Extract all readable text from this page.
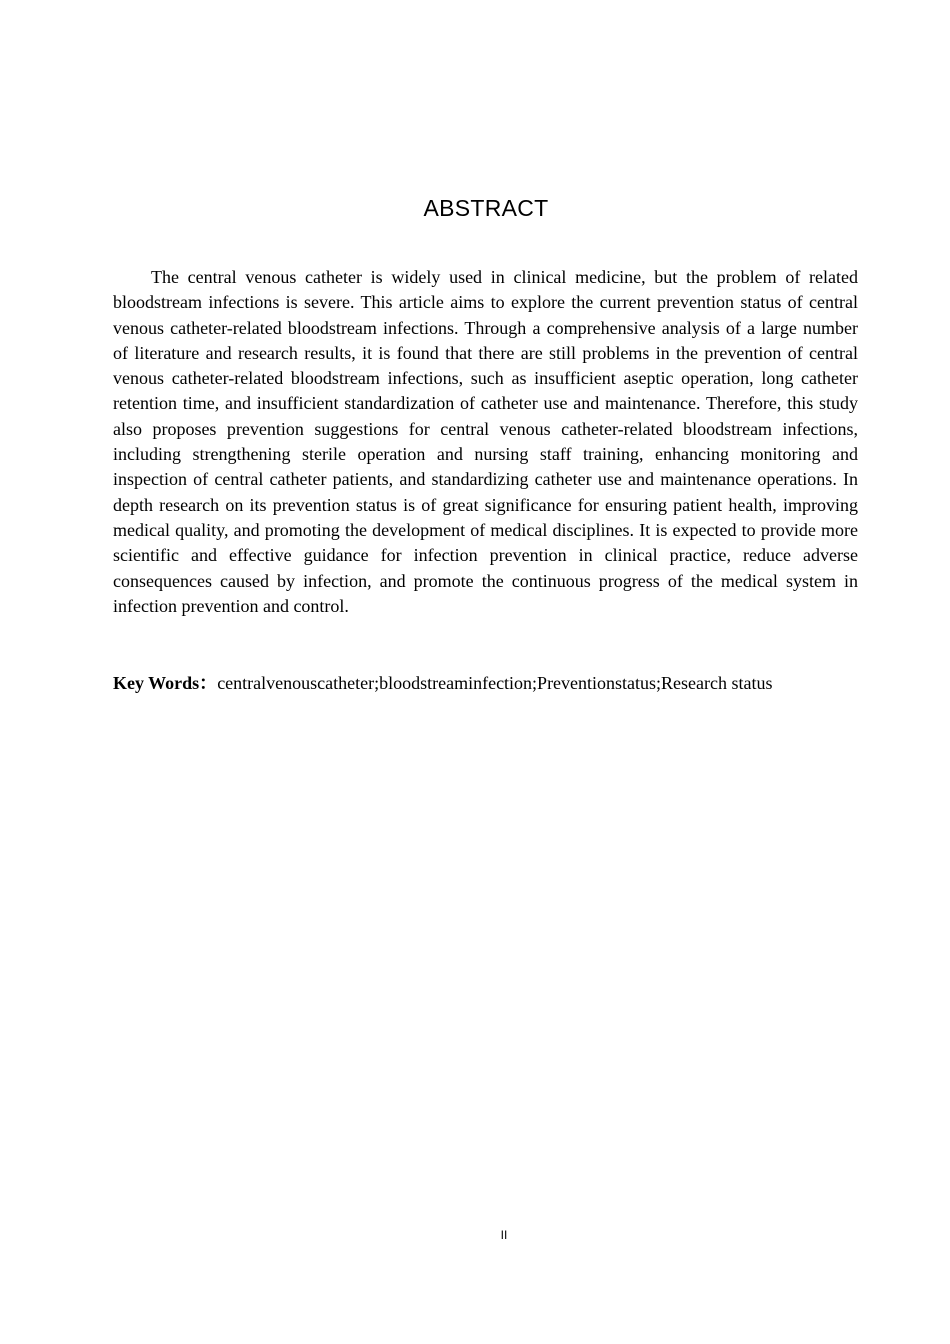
ABSTRACT

The central venous catheter is widely used in clinical medicine, but the problem of related bloodstream infections is severe. This article aims to explore the current prevention status of central venous catheter-related bloodstream infections. Through a comprehensive analysis of a large number of literature and research results, it is found that there are still problems in the prevention of central venous catheter-related bloodstream infections, such as insufficient aseptic operation, long catheter retention time, and insufficient standardization of catheter use and maintenance. Therefore, this study also proposes prevention suggestions for central venous catheter-related bloodstream infections, including strengthening sterile operation and nursing staff training, enhancing monitoring and inspection of central catheter patients, and standardizing catheter use and maintenance operations. In depth research on its prevention status is of great significance for ensuring patient health, improving medical quality, and promoting the development of medical disciplines. It is expected to provide more scientific and effective guidance for infection prevention in clinical practice, reduce adverse consequences caused by infection, and promote the continuous progress of the medical system in infection prevention and control.

Key Words：centralvenouscatheter;bloodstreaminfection;Preventionstatus;Research status

II
